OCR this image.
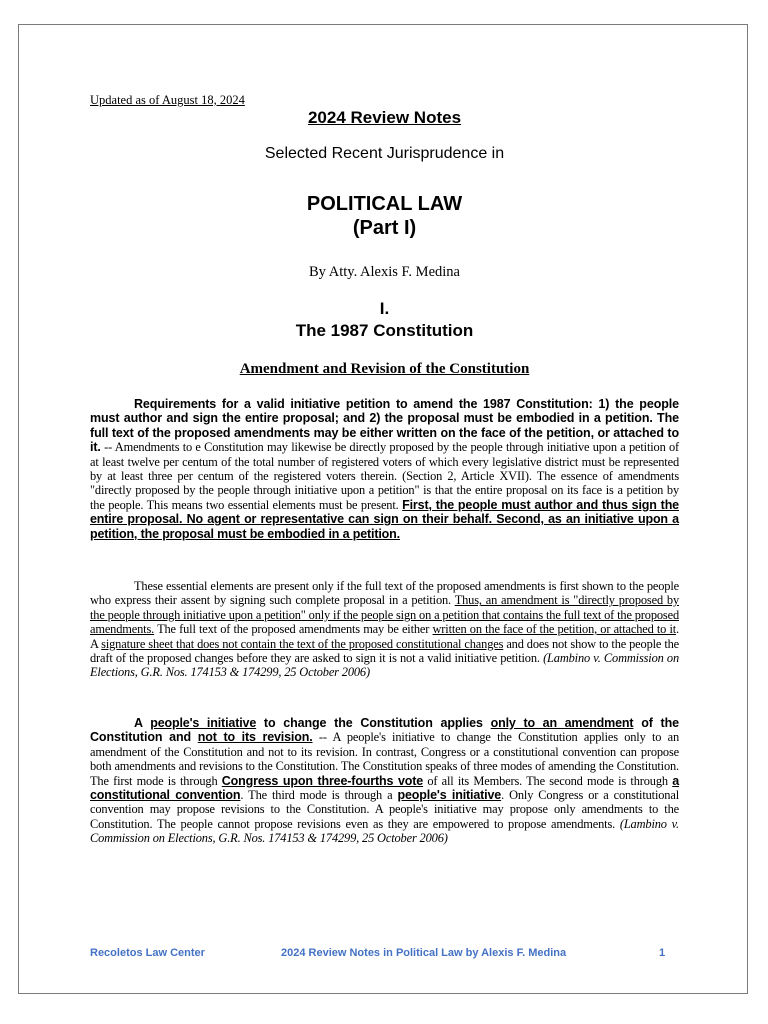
Updated as of August 18, 2024
2024 Review Notes
Selected Recent Jurisprudence in
POLITICAL LAW
(Part I)
By Atty. Alexis F. Medina
I.
The 1987 Constitution
Amendment and Revision of the Constitution
Requirements for a valid initiative petition to amend the 1987 Constitution: 1) the people must author and sign the entire proposal; and 2) the proposal must be embodied in a petition. The full text of the proposed amendments may be either written on the face of the petition, or attached to it. -- Amendments to e Constitution may likewise be directly proposed by the people through initiative upon a petition of at least twelve per centum of the total number of registered voters of which every legislative district must be represented by at least three per centum of the registered voters therein. (Section 2, Article XVII). The essence of amendments "directly proposed by the people through initiative upon a petition" is that the entire proposal on its face is a petition by the people. This means two essential elements must be present. First, the people must author and thus sign the entire proposal. No agent or representative can sign on their behalf. Second, as an initiative upon a petition, the proposal must be embodied in a petition.
These essential elements are present only if the full text of the proposed amendments is first shown to the people who express their assent by signing such complete proposal in a petition. Thus, an amendment is "directly proposed by the people through initiative upon a petition" only if the people sign on a petition that contains the full text of the proposed amendments. The full text of the proposed amendments may be either written on the face of the petition, or attached to it. A signature sheet that does not contain the text of the proposed constitutional changes and does not show to the people the draft of the proposed changes before they are asked to sign it is not a valid initiative petition. (Lambino v. Commission on Elections, G.R. Nos. 174153 & 174299, 25 October 2006)
A people's initiative to change the Constitution applies only to an amendment of the Constitution and not to its revision. -- A people's initiative to change the Constitution applies only to an amendment of the Constitution and not to its revision. In contrast, Congress or a constitutional convention can propose both amendments and revisions to the Constitution. The Constitution speaks of three modes of amending the Constitution. The first mode is through Congress upon three-fourths vote of all its Members. The second mode is through a constitutional convention. The third mode is through a people's initiative. Only Congress or a constitutional convention may propose revisions to the Constitution. A people's initiative may propose only amendments to the Constitution. The people cannot propose revisions even as they are empowered to propose amendments. (Lambino v. Commission on Elections, G.R. Nos. 174153 & 174299, 25 October 2006)
Recoletos Law Center	2024 Review Notes in Political Law by Alexis F. Medina	1
